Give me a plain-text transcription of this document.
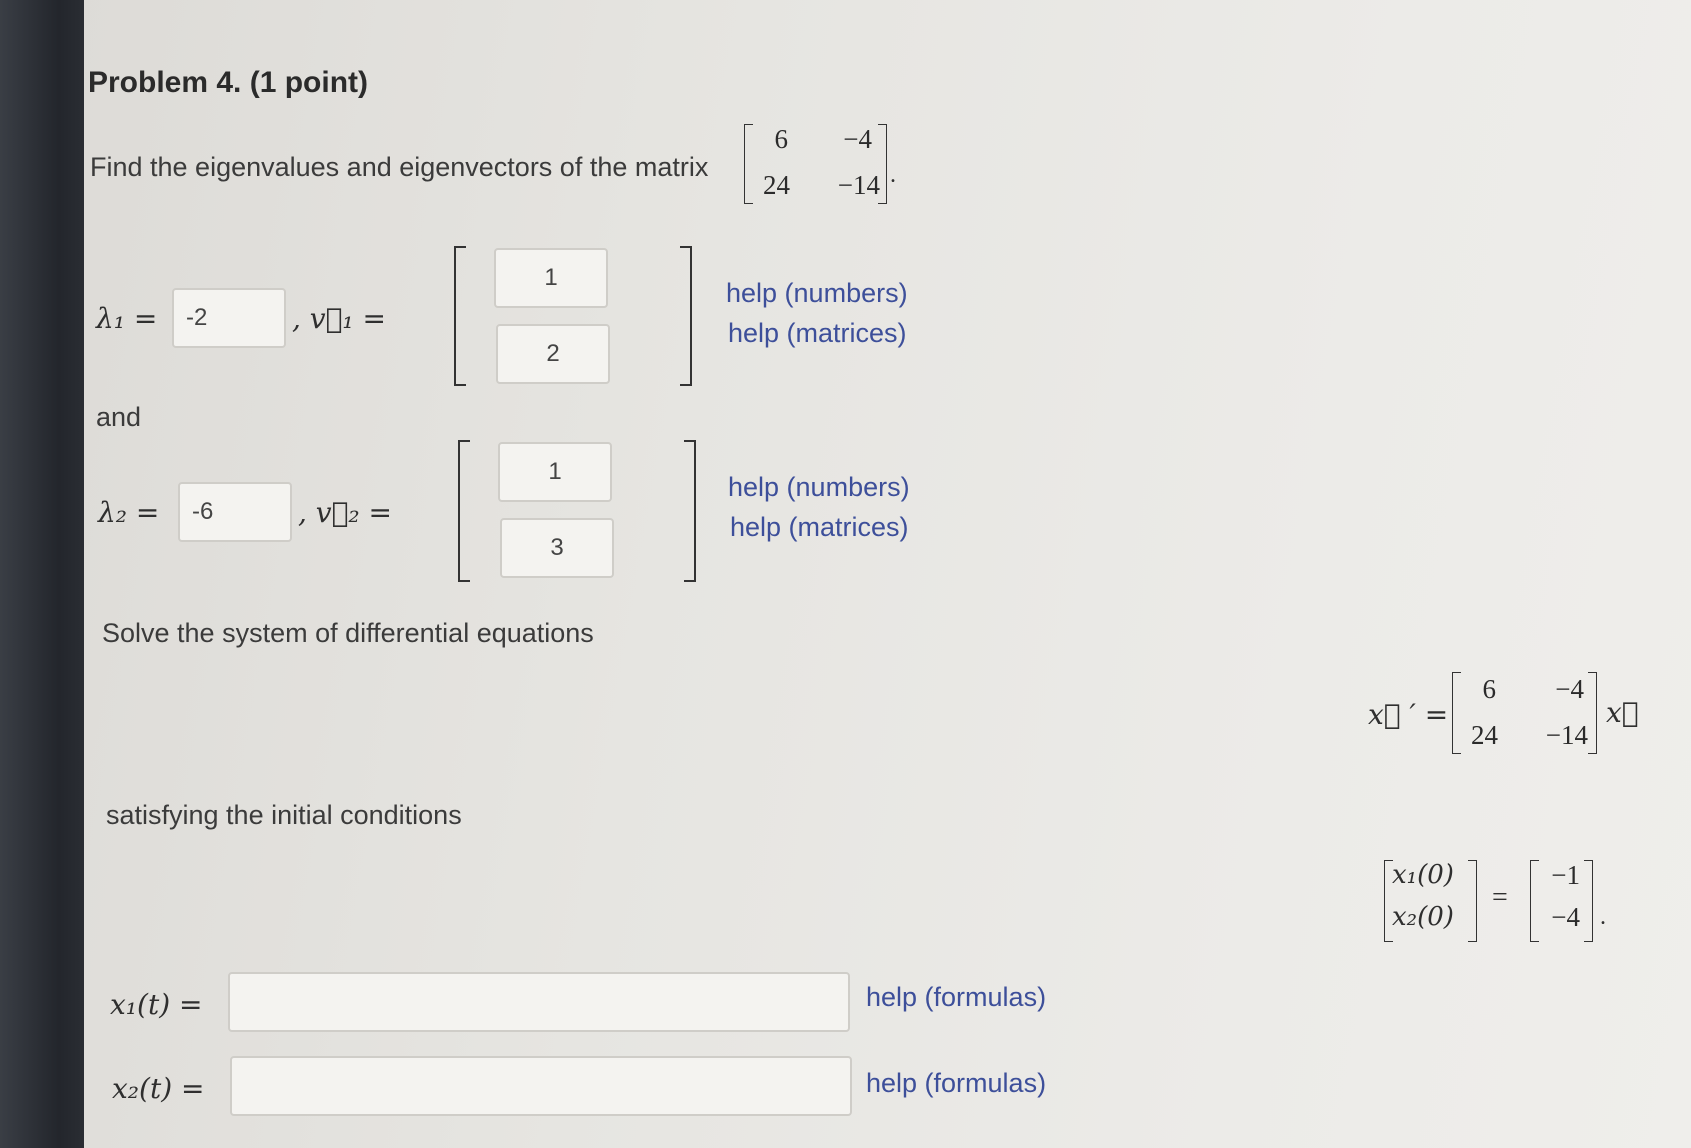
Problem 4. (1 point)
Find the eigenvalues and eigenvectors of the matrix
6	−4
24	−14 .
λ₁ =	-2	, v⃗₁ =
1
2
help (numbers)
help (matrices)
and
λ₂ =	-6	, v⃗₂ =
1
3
help (numbers)
help (matrices)
Solve the system of differential equations
x⃗ ′ =
6	−4
24	−14
x⃗
satisfying the initial conditions
x₁(0)
x₂(0)
=
−1
−4 .
x₁(t) =	help (formulas)
x₂(t) =	help (formulas)
